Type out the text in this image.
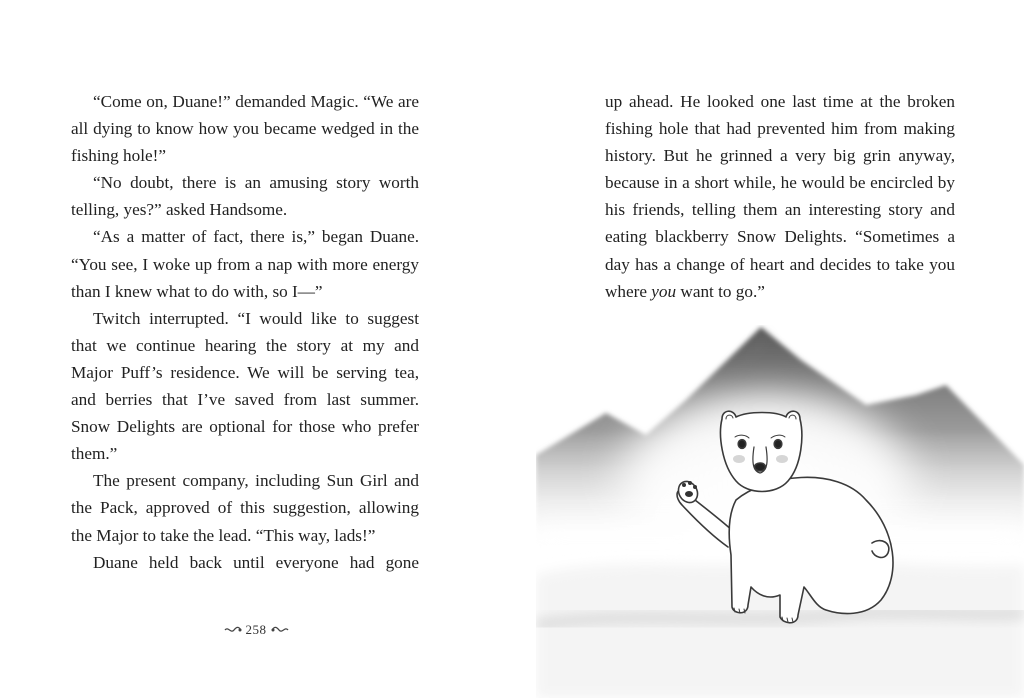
“Come on, Duane!” demanded Magic. “We are all dying to know how you became wedged in the fishing hole!”

“No doubt, there is an amusing story worth telling, yes?” asked Handsome.

“As a matter of fact, there is,” began Duane. “You see, I woke up from a nap with more energy than I knew what to do with, so I—”

Twitch interrupted. “I would like to suggest that we continue hearing the story at my and Major Puff’s residence. We will be serving tea, and berries that I’ve saved from last summer. Snow Delights are optional for those who prefer them.”

The present company, including Sun Girl and the Pack, approved of this suggestion, allowing the Major to take the lead. “This way, lads!”

Duane held back until everyone had gone

258

up ahead. He looked one last time at the broken fishing hole that had prevented him from making history. But he grinned a very big grin anyway, because in a short while, he would be encircled by his friends, telling them an interesting story and eating blackberry Snow Delights. “Sometimes a day has a change of heart and decides to take you where you want to go.”
